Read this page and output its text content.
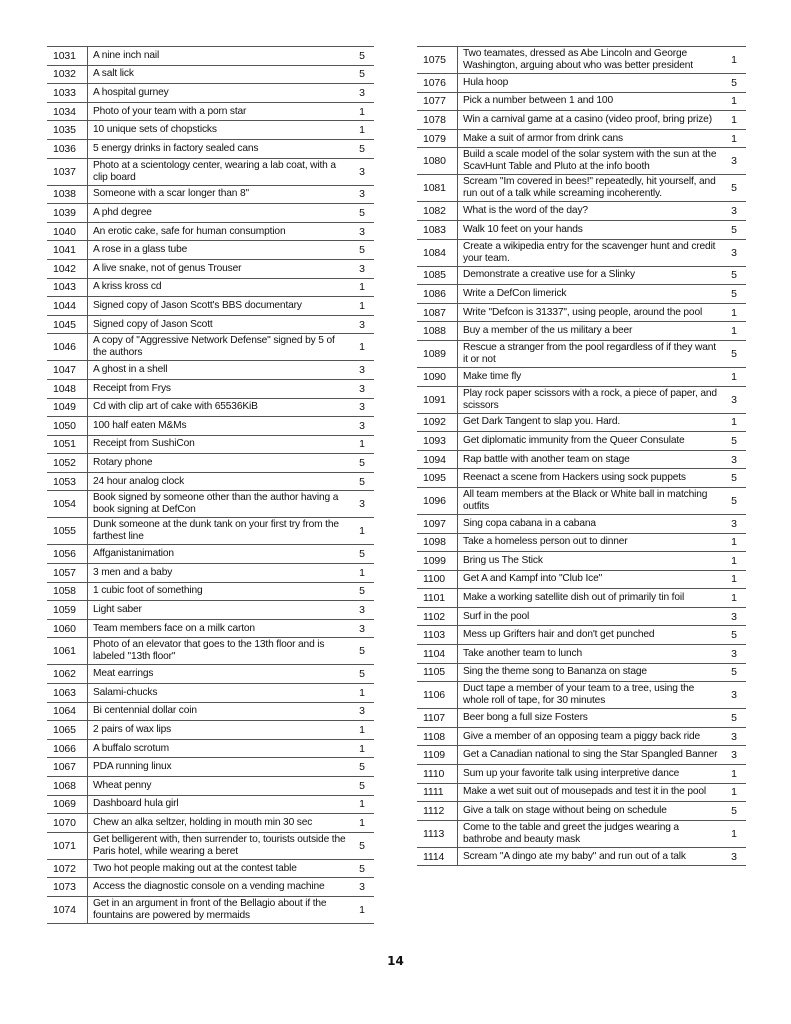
1031	A nine inch nail	5
1032	A salt lick	5
1033	A hospital gurney	3
1034	Photo of your team with a porn star	1
1035	10 unique sets of chopsticks	1
1036	5 energy drinks in factory sealed cans	5
1037	Photo at a scientology center, wearing a lab coat, with a clip board	3
1038	Someone with a scar longer than 8"	3
1039	A phd degree	5
1040	An erotic cake, safe for human consumption	3
1041	A rose in a glass tube	5
1042	A live snake, not of genus Trouser	3
1043	A kriss kross cd	1
1044	Signed copy of Jason Scott's BBS documentary	1
1045	Signed copy of Jason Scott	3
1046	A copy of "Aggressive Network Defense" signed by 5 of the authors	1
1047	A ghost in a shell	3
1048	Receipt from Frys	3
1049	Cd with clip art of cake with 65536KiB	3
1050	100 half eaten M&Ms	3
1051	Receipt from SushiCon	1
1052	Rotary phone	5
1053	24 hour analog clock	5
1054	Book signed by someone other than the author having a book signing at DefCon	3
1055	Dunk someone at the dunk tank on your first try from the farthest line	1
1056	Affganistanimation	5
1057	3 men and a baby	1
1058	1 cubic foot of something	5
1059	Light saber	3
1060	Team members face on a milk carton	3
1061	Photo of an elevator that goes to the 13th floor and is labeled "13th floor"	5
1062	Meat earrings	5
1063	Salami-chucks	1
1064	Bi centennial dollar coin	3
1065	2 pairs of wax lips	1
1066	A buffalo scrotum	1
1067	PDA running linux	5
1068	Wheat penny	5
1069	Dashboard hula girl	1
1070	Chew an alka seltzer, holding in mouth min 30 sec	1
1071	Get belligerent with, then surrender to, tourists outside the Paris hotel, while wearing a beret	5
1072	Two hot people making out at the contest table	5
1073	Access the diagnostic console on a vending machine	3
1074	Get in an argument in front of the Bellagio about if the fountains are powered by mermaids	1
1075	Two teamates, dressed as Abe Lincoln and George Washington, arguing about who was better president	1
1076	Hula hoop	5
1077	Pick a number between 1 and 100	1
1078	Win a carnival game at a casino (video proof, bring prize)	1
1079	Make a suit of armor from drink cans	1
1080	Build a scale model of the solar system with the sun at the ScavHunt Table and Pluto at the info booth	3
1081	Scream "Im covered in bees!" repeatedly, hit yourself, and run out of a talk while screaming incoherently.	5
1082	What is the word of the day?	3
1083	Walk 10 feet on your hands	5
1084	Create a wikipedia entry for the scavenger hunt and credit your team.	3
1085	Demonstrate a creative use for a Slinky	5
1086	Write a DefCon limerick	5
1087	Write "Defcon is 31337", using people, around the pool	1
1088	Buy a member of the us military a beer	1
1089	Rescue a stranger from the pool regardless of if they want it or not	5
1090	Make time fly	1
1091	Play rock paper scissors with a rock, a piece of paper, and scissors	3
1092	Get Dark Tangent to slap you. Hard.	1
1093	Get diplomatic immunity from the Queer Consulate	5
1094	Rap battle with another team on stage	3
1095	Reenact a scene from Hackers using sock puppets	5
1096	All team members at the Black or White ball in matching outfits	5
1097	Sing copa cabana in a cabana	3
1098	Take a homeless person out to dinner	1
1099	Bring us The Stick	1
1100	Get A and Kampf into "Club Ice"	1
1101	Make a working satellite dish out of primarily tin foil	1
1102	Surf in the pool	3
1103	Mess up Grifters hair and don't get punched	5
1104	Take another team to lunch	3
1105	Sing the theme song to Bananza on stage	5
1106	Duct tape a member of your team to a tree, using the whole roll of tape, for 30 minutes	3
1107	Beer bong a full size Fosters	5
1108	Give a member of an opposing team a piggy back ride	3
1109	Get a Canadian national to sing the Star Spangled Banner	3
1110	Sum up your favorite talk using interpretive dance	1
1111	Make a wet suit out of mousepads and test it in the pool	1
1112	Give a talk on stage without being on schedule	5
1113	Come to the table and greet the judges wearing a bathrobe and beauty mask	1
1114	Scream "A dingo ate my baby" and run out of a talk	3
14
